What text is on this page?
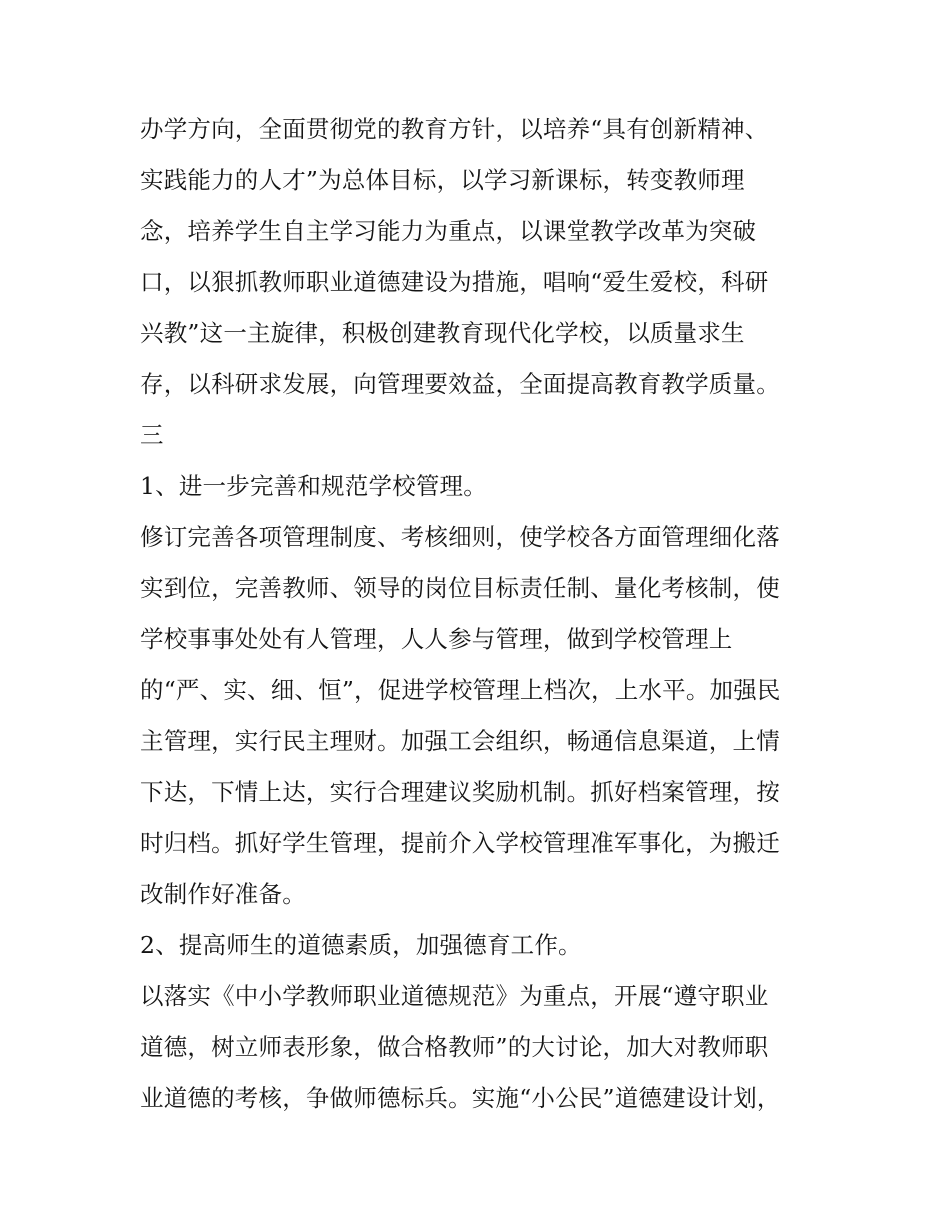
办学方向，全面贯彻党的教育方针，以培养“具有创新精神、
实践能力的人才”为总体目标，以学习新课标，转变教师理
念，培养学生自主学习能力为重点，以课堂教学改革为突破
口，以狠抓教师职业道德建设为措施，唱响“爱生爱校，科研
兴教”这一主旋律，积极创建教育现代化学校，以质量求生
存，以科研求发展，向管理要效益，全面提高教育教学质量。
三
1、进一步完善和规范学校管理。
修订完善各项管理制度、考核细则，使学校各方面管理细化落
实到位，完善教师、领导的岗位目标责任制、量化考核制，使
学校事事处处有人管理，人人参与管理，做到学校管理上
的“严、实、细、恒”，促进学校管理上档次，上水平。加强民
主管理，实行民主理财。加强工会组织，畅通信息渠道，上情
下达，下情上达，实行合理建议奖励机制。抓好档案管理，按
时归档。抓好学生管理，提前介入学校管理准军事化，为搬迁
改制作好准备。
2、提高师生的道德素质，加强德育工作。
以落实《中小学教师职业道德规范》为重点，开展“遵守职业
道德，树立师表形象，做合格教师”的大讨论，加大对教师职
业道德的考核，争做师德标兵。实施“小公民”道德建设计划，
